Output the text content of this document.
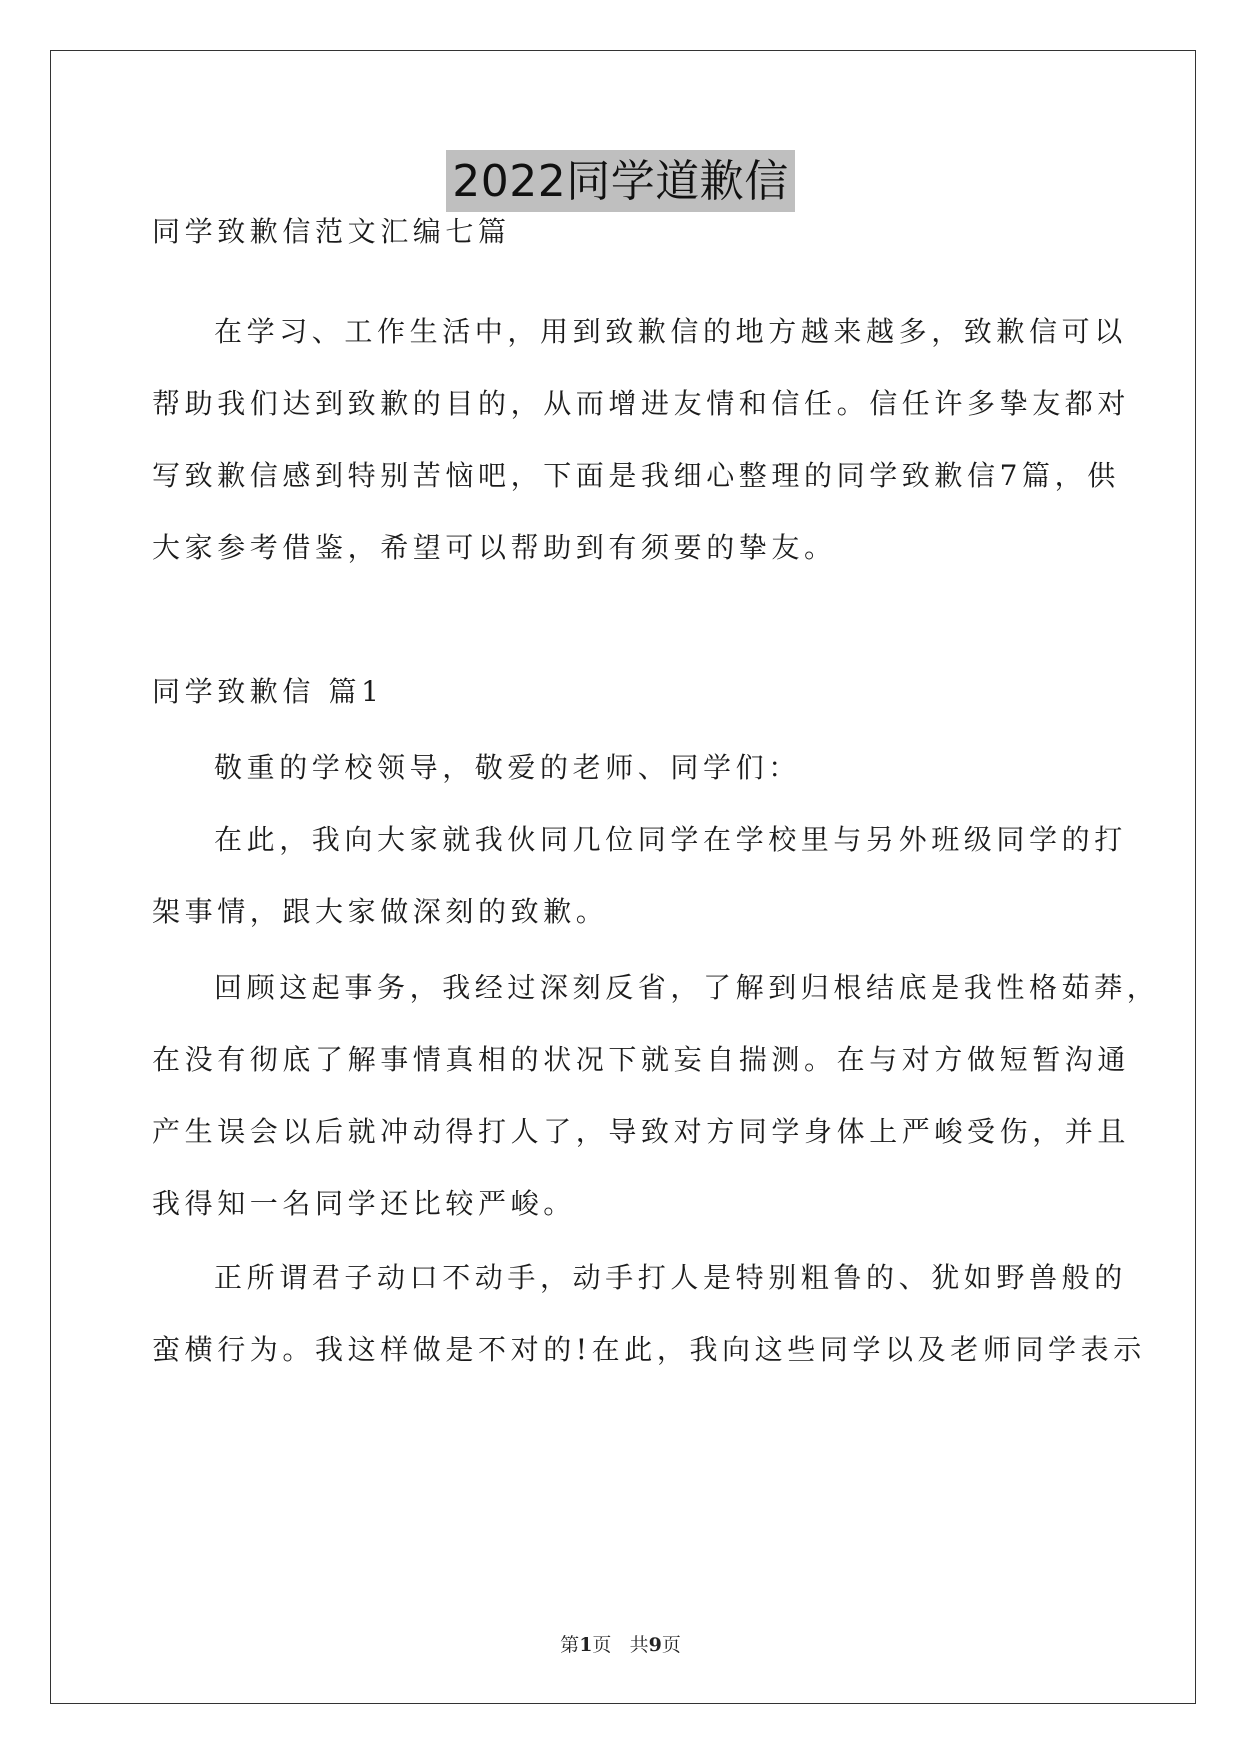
2022同学道歉信
同学致歉信范文汇编七篇
在学习、工作生活中，用到致歉信的地方越来越多，致歉信可以
帮助我们达到致歉的目的，从而增进友情和信任。信任许多挚友都对
写致歉信感到特别苦恼吧，下面是我细心整理的同学致歉信7篇，供
大家参考借鉴，希望可以帮助到有须要的挚友。
同学致歉信 篇1
敬重的学校领导，敬爱的老师、同学们：
在此，我向大家就我伙同几位同学在学校里与另外班级同学的打
架事情，跟大家做深刻的致歉。
回顾这起事务，我经过深刻反省，了解到归根结底是我性格茹莽，
在没有彻底了解事情真相的状况下就妄自揣测。在与对方做短暂沟通
产生误会以后就冲动得打人了，导致对方同学身体上严峻受伤，并且
我得知一名同学还比较严峻。
正所谓君子动口不动手，动手打人是特别粗鲁的、犹如野兽般的
蛮横行为。我这样做是不对的!在此，我向这些同学以及老师同学表示
第1页 共9页
